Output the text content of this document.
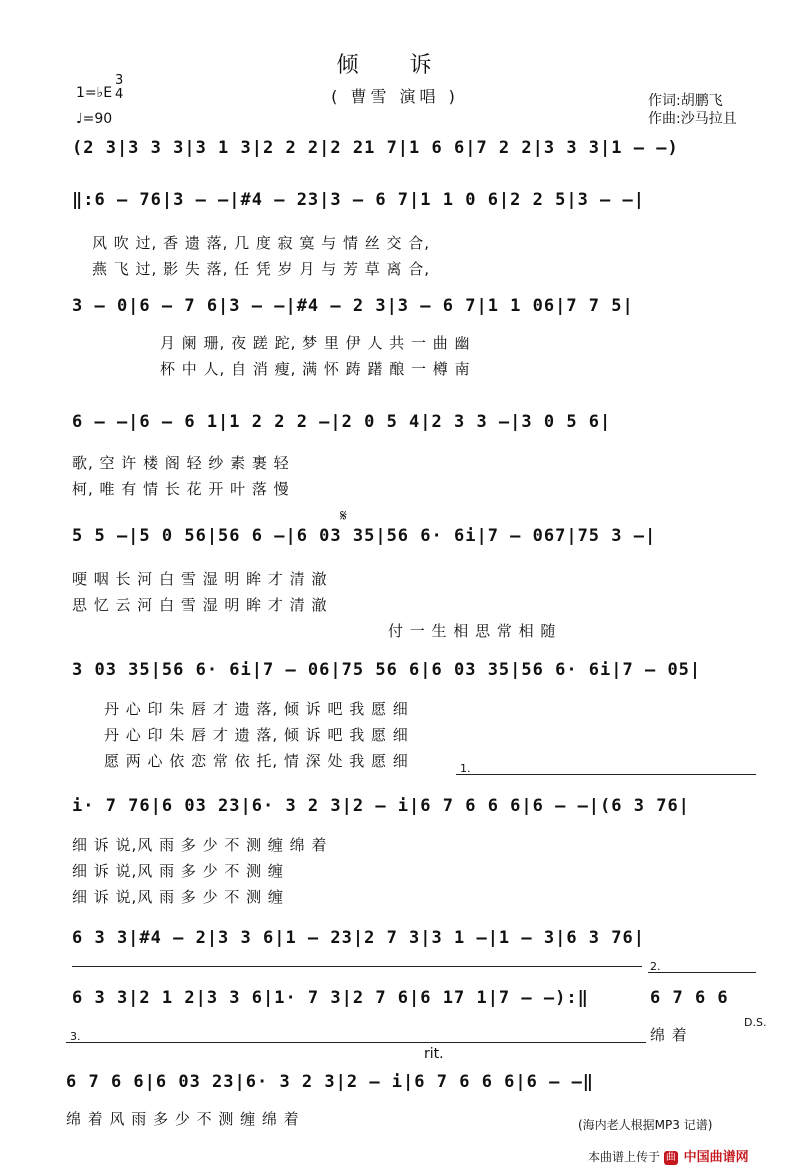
倾 诉
( 曹雪 演唱 )
1=♭E
3
4
♩=90
作词:胡鹏飞
作曲:沙马拉且
(2 3|3 3 3|3 1 3|2 2 2|2 21 7|1 6 6|7 2 2|3 3 3|1 – –)
‖:6 – 76|3 – –|#4 – 23|3 – 6 7|1 1 0 6|2 2 5|3 – –|
风 吹 过, 香 遗 落, 几 度 寂 寞 与 情 丝 交 合,
燕 飞 过, 影 失 落, 任 凭 岁 月 与 芳 草 离 合,
3 – 0|6 – 7 6|3 – –|#4 – 2 3|3 – 6 7|1 1 06|7 7 5|
月 阑 珊, 夜 蹉 跎, 梦 里 伊 人 共 一 曲 幽
杯 中 人, 自 消 瘦, 满 怀 踌 躇 酿 一 樽 南
6 – –|6 – 6 1|1 2 2 2 –|2 0 5 4|2 3 3 –|3 0 5 6|
歌, 空 许 楼 阁 轻 纱 素 裹 轻
柯, 唯 有 情 长 花 开 叶 落 慢
5 5 –|5 0 56|56 6 –|6 03 35|56 6· 6i|7 – 067|75 3 –|
𝄋
哽 咽 长 河 白 雪 湿 明 眸 才 清 澈
思 忆 云 河 白 雪 湿 明 眸 才 清 澈
付 一 生 相 思 常 相 随
3 03 35|56 6· 6i|7 – 06|75 56 6|6 03 35|56 6· 6i|7 – 05|
丹 心 印 朱 唇 才 遗 落, 倾 诉 吧 我 愿 细
丹 心 印 朱 唇 才 遗 落, 倾 诉 吧 我 愿 细
愿 两 心 依 恋 常 依 托, 情 深 处 我 愿 细	1.
i· 7 76|6 03 23|6· 3 2 3|2 – i|6 7 6 6 6|6 – –|(6 3 76|
细 诉 说,风 雨 多 少 不 测 缠 绵 着
细 诉 说,风 雨 多 少 不 测 缠
细 诉 说,风 雨 多 少 不 测 缠
6 3 3|#4 – 2|3 3 6|1 – 23|2 7 3|3 1 –|1 – 3|6 3 76|
6 3 3|2 1 2|3 3 6|1· 7 3|2 7 6|6 17 1|7 – –):‖
2.
6 7 6 6
D.S.
绵 着
3.
rit.
6 7 6 6|6 03 23|6· 3 2 3|2 – i|6 7 6 6 6|6 – –‖
绵 着 风 雨 多 少 不 测 缠 绵 着	(海内老人根据MP3 记谱)
本曲谱上传于 曲 中国曲谱网
